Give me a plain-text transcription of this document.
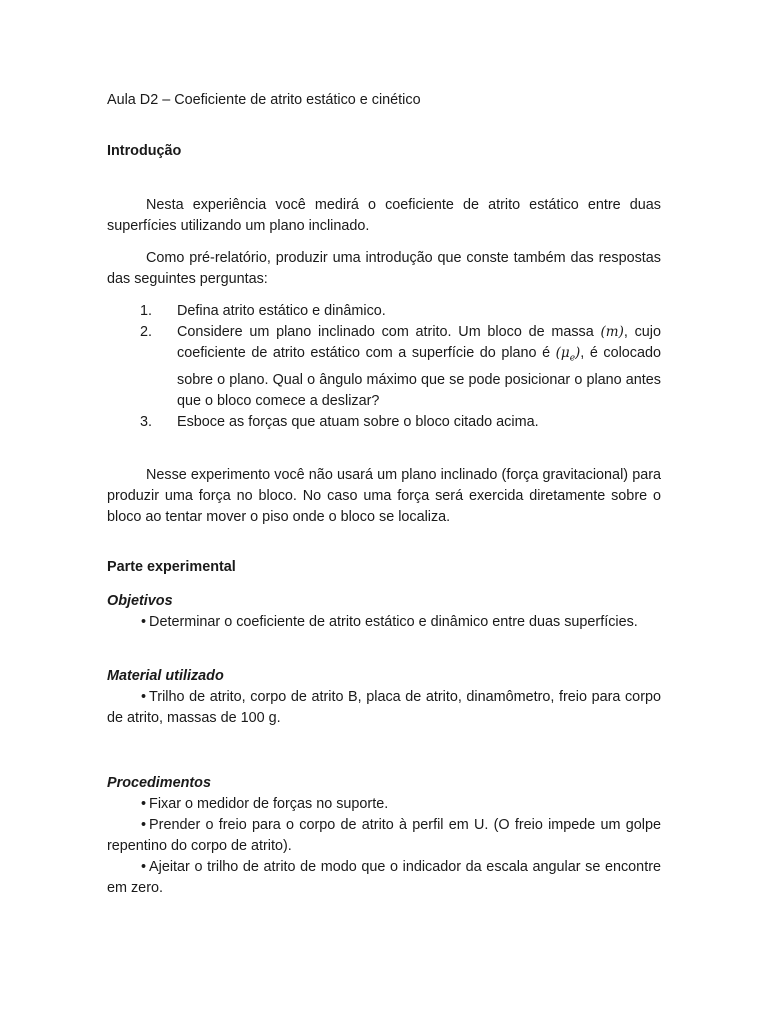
Aula D2 – Coeficiente de atrito estático e cinético
Introdução

Nesta experiência você medirá o coeficiente de atrito estático entre duas superfícies utilizando um plano inclinado.

Como pré-relatório, produzir uma introdução que conste também das respostas das seguintes perguntas:

1. Defina atrito estático e dinâmico.
2. Considere um plano inclinado com atrito. Um bloco de massa (m), cujo coeficiente de atrito estático com a superfície do plano é $(\mu_e)$, é colocado sobre o plano. Qual o ângulo máximo que se pode posicionar o plano antes que o bloco comece a deslizar?
3. Esboce as forças que atuam sobre o bloco citado acima.

Nesse experimento você não usará um plano inclinado (força gravitacional) para produzir uma força no bloco. No caso uma força será exercida diretamente sobre o bloco ao tentar mover o piso onde o bloco se localiza.

Parte experimental
Objetivos

• Determinar o coeficiente de atrito estático e dinâmico entre duas superfícies.

Material utilizado

• Trilho de atrito, corpo de atrito B, placa de atrito, dinamômetro, freio para corpo de atrito, massas de 100 g.

Procedimentos

• Fixar o medidor de forças no suporte.

• Prender o freio para o corpo de atrito à perfil em U. (O freio impede um golpe repentino do corpo de atrito).

• Ajeitar o trilho de atrito de modo que o indicador da escala angular se encontre em zero.
